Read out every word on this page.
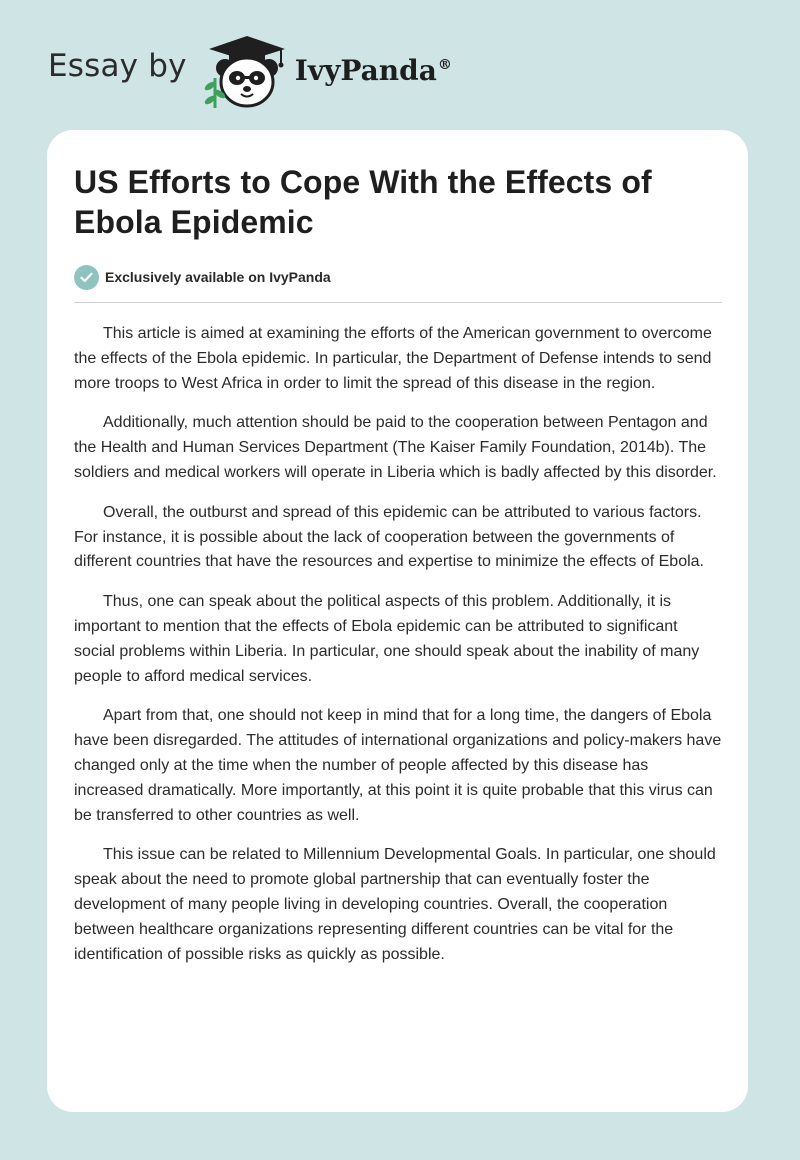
Essay by	IvyPanda®
US Efforts to Cope With the Effects of Ebola Epidemic
Exclusively available on IvyPanda

This article is aimed at examining the efforts of the American government to overcome the effects of the Ebola epidemic. In particular, the Department of Defense intends to send more troops to West Africa in order to limit the spread of this disease in the region.

Additionally, much attention should be paid to the cooperation between Pentagon and the Health and Human Services Department (The Kaiser Family Foundation, 2014b). The soldiers and medical workers will operate in Liberia which is badly affected by this disorder.

Overall, the outburst and spread of this epidemic can be attributed to various factors. For instance, it is possible about the lack of cooperation between the governments of different countries that have the resources and expertise to minimize the effects of Ebola.

Thus, one can speak about the political aspects of this problem. Additionally, it is important to mention that the effects of Ebola epidemic can be attributed to significant social problems within Liberia. In particular, one should speak about the inability of many people to afford medical services.

Apart from that, one should not keep in mind that for a long time, the dangers of Ebola have been disregarded. The attitudes of international organizations and policy-makers have changed only at the time when the number of people affected by this disease has increased dramatically. More importantly, at this point it is quite probable that this virus can be transferred to other countries as well.

This issue can be related to Millennium Developmental Goals. In particular, one should speak about the need to promote global partnership that can eventually foster the development of many people living in developing countries. Overall, the cooperation between healthcare organizations representing different countries can be vital for the identification of possible risks as quickly as possible.
